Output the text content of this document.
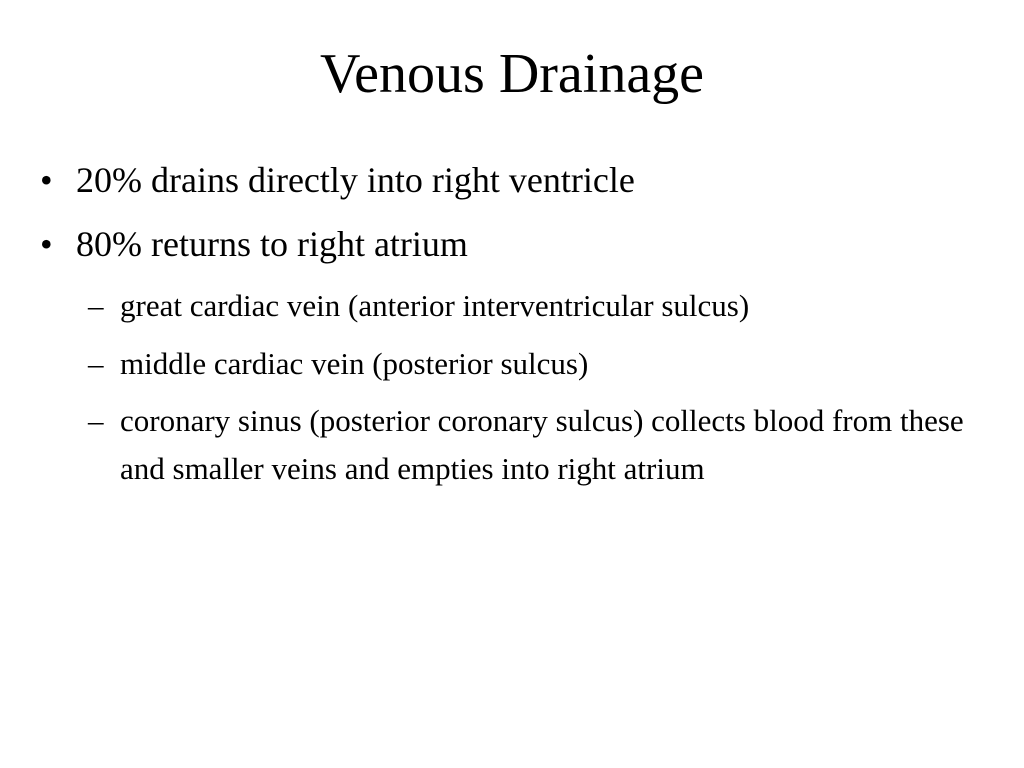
Venous Drainage
• 20% drains directly into right ventricle
• 80% returns to right atrium
– great cardiac vein (anterior interventricular sulcus)
– middle cardiac vein (posterior sulcus)
– coronary sinus (posterior coronary sulcus) collects blood from these and smaller veins and empties into right atrium
